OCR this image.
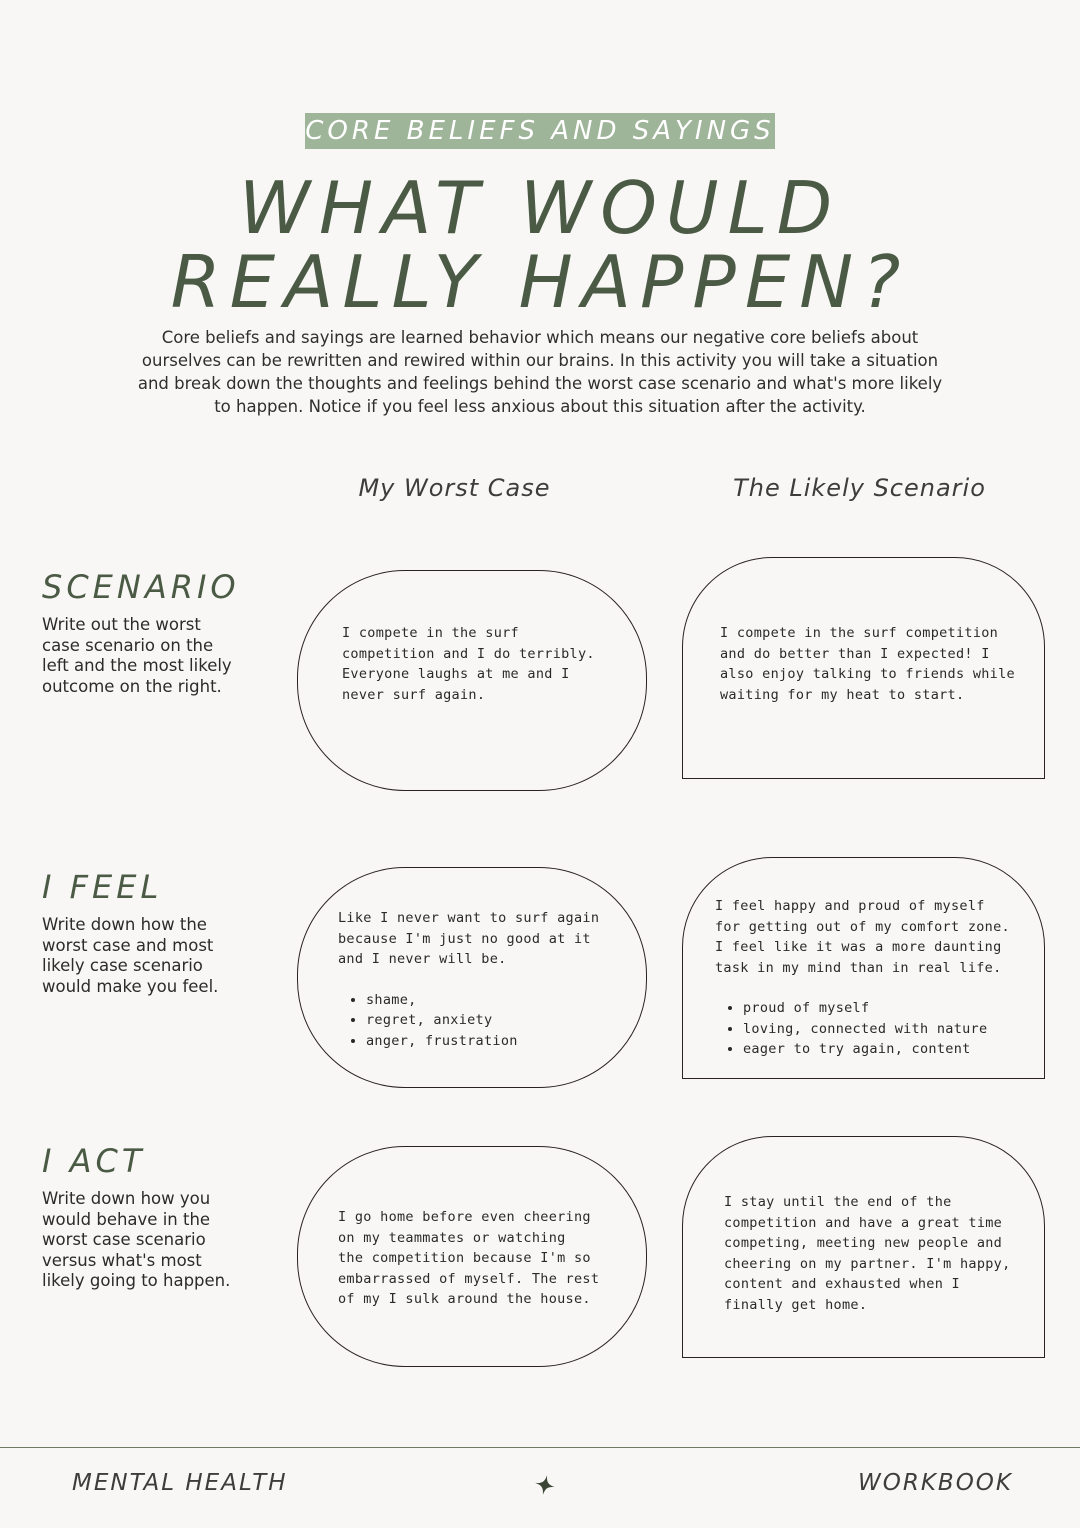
CORE BELIEFS AND SAYINGS
WHAT WOULD
REALLY HAPPEN?
Core beliefs and sayings are learned behavior which means our negative core beliefs about ourselves can be rewritten and rewired within our brains. In this activity you will take a situation and break down the thoughts and feelings behind the worst case scenario and what's more likely to happen. Notice if you feel less anxious about this situation after the activity.
My Worst Case	The Likely Scenario
SCENARIO
Write out the worst case scenario on the left and the most likely outcome on the right.

I compete in the surf
competition and I do terribly.
Everyone laughs at me and I
never surf again.

I compete in the surf competition
and do better than I expected! I
also enjoy talking to friends while
waiting for my heat to start.

I FEEL
Write down how the worst case and most likely case scenario would make you feel.

Like I never want to surf again
because I'm just no good at it
and I never will be.

• shame,
• regret, anxiety
• anger, frustration

I feel happy and proud of myself
for getting out of my comfort zone.
I feel like it was a more daunting
task in my mind than in real life.

• proud of myself
• loving, connected with nature
• eager to try again, content
I ACT
Write down how you would behave in the worst case scenario versus what's most likely going to happen.

I go home before even cheering
on my teammates or watching
the competition because I'm so
embarrassed of myself. The rest
of my I sulk around the house.

I stay until the end of the
competition and have a great time
competing, meeting new people and
cheering on my partner. I'm happy,
content and exhausted when I
finally get home.

MENTAL HEALTH	WORKBOOK
